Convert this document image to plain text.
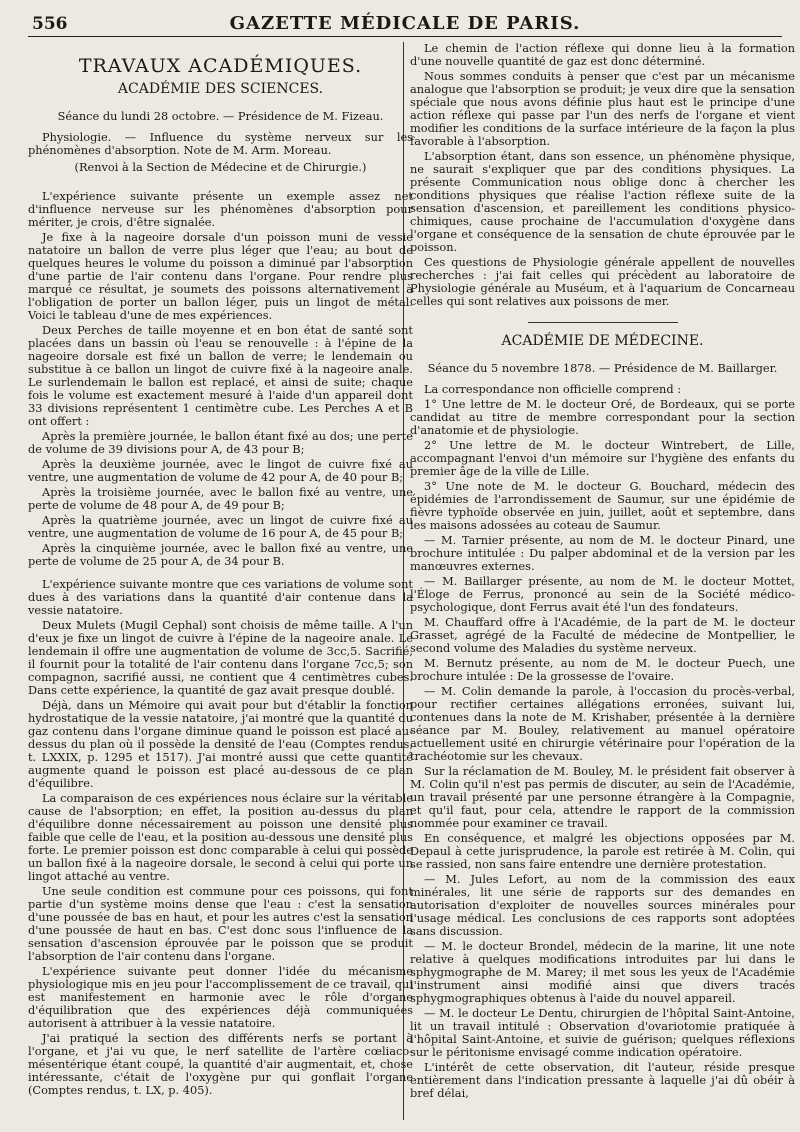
556	GAZETTE MÉDICALE DE PARIS.

TRAVAUX ACADÉMIQUES.

ACADÉMIE DES SCIENCES.

Séance du lundi 28 octobre. — Présidence de M. Fizeau.

Physiologie. — Influence du système nerveux sur les phénomènes d'absorption. Note de M. Arm. Moreau.

(Renvoi à la Section de Médecine et de Chirurgie.)

L'expérience suivante présente un exemple assez net d'influence nerveuse sur les phénomènes d'absorption pour mériter, je crois, d'être signalée.

Je fixe à la nageoire dorsale d'un poisson muni de vessie natatoire un ballon de verre plus léger que l'eau; au bout de quelques heures le volume du poisson a diminué par l'absorption d'une partie de l'air contenu dans l'organe. Pour rendre plus marqué ce résultat, je soumets des poissons alternativement à l'obligation de porter un ballon léger, puis un lingot de métal. Voici le tableau d'une de mes expériences.

Deux Perches de taille moyenne et en bon état de santé sont placées dans un bassin où l'eau se renouvelle : à l'épine de la nageoire dorsale est fixé un ballon de verre; le lendemain ou substitue à ce ballon un lingot de cuivre fixé à la nageoire anale. Le surlendemain le ballon est replacé, et ainsi de suite; chaque fois le volume est exactement mesuré à l'aide d'un appareil dont 33 divisions représentent 1 centimètre cube. Les Perches A et B ont offert :

Après la première journée, le ballon étant fixé au dos; une perte de volume de 39 divisions pour A, de 43 pour B;

Après la deuxième journée, avec le lingot de cuivre fixé au ventre, une augmentation de volume de 42 pour A, de 40 pour B;

Après la troisième journée, avec le ballon fixé au ventre, une perte de volume de 48 pour A, de 49 pour B;

Après la quatrième journée, avec un lingot de cuivre fixé au ventre, une augmentation de volume de 16 pour A, de 45 pour B;

Après la cinquième journée, avec le ballon fixé au ventre, une perte de volume de 25 pour A, de 34 pour B.

L'expérience suivante montre que ces variations de volume sont dues à des variations dans la quantité d'air contenue dans la vessie natatoire.

Deux Mulets (Mugil Cephal) sont choisis de même taille. A l'un d'eux je fixe un lingot de cuivre à l'épine de la nageoire anale. Le lendemain il offre une augmentation de volume de 3cc,5. Sacrifié, il fournit pour la totalité de l'air contenu dans l'organe 7cc,5; son compagnon, sacrifié aussi, ne contient que 4 centimètres cubes. Dans cette expérience, la quantité de gaz avait presque doublé.

Déjà, dans un Mémoire qui avait pour but d'établir la fonction hydrostatique de la vessie natatoire, j'ai montré que la quantité du gaz contenu dans l'organe diminue quand le poisson est placé au-dessus du plan où il possède la densité de l'eau (Comptes rendus, t. LXXIX, p. 1295 et 1517). J'ai montré aussi que cette quantité augmente quand le poisson est placé au-dessous de ce plan d'équilibre.

La comparaison de ces expériences nous éclaire sur la véritable cause de l'absorption; en effet, la position au-dessus du plan d'équilibre donne nécessairement au poisson une densité plus faible que celle de l'eau, et la position au-dessous une densité plus forte. Le premier poisson est donc comparable à celui qui possède un ballon fixé à la nageoire dorsale, le second à celui qui porte un lingot attaché au ventre.

Une seule condition est commune pour ces poissons, qui font partie d'un système moins dense que l'eau : c'est la sensation d'une poussée de bas en haut, et pour les autres c'est la sensation d'une poussée de haut en bas. C'est donc sous l'influence de la sensation d'ascension éprouvée par le poisson que se produit l'absorption de l'air contenu dans l'organe.

L'expérience suivante peut donner l'idée du mécanisme physiologique mis en jeu pour l'accomplissement de ce travail, qui est manifestement en harmonie avec le rôle d'organe d'équilibration que des expériences déjà communiquées autorisent à attribuer à la vessie natatoire.

J'ai pratiqué la section des différents nerfs se portant à l'organe, et j'ai vu que, le nerf satellite de l'artère cœliaco-mésentérique étant coupé, la quantité d'air augmentait, et, chose intéressante, c'était de l'oxygène pur qui gonflait l'organe (Comptes rendus, t. LX, p. 405).

Le chemin de l'action réflexe qui donne lieu à la formation d'une nouvelle quantité de gaz est donc déterminé.

Nous sommes conduits à penser que c'est par un mécanisme analogue que l'absorption se produit; je veux dire que la sensation spéciale que nous avons définie plus haut est le principe d'une action réflexe qui passe par l'un des nerfs de l'organe et vient modifier les conditions de la surface intérieure de la façon la plus favorable à l'absorption.

L'absorption étant, dans son essence, un phénomène physique, ne saurait s'expliquer que par des conditions physiques. La présente Communication nous oblige donc à chercher les conditions physiques que réalise l'action réflexe suite de la sensation d'ascension, et pareillement les conditions physico-chimiques, cause prochaine de l'accumulation d'oxygène dans l'organe et conséquence de la sensation de chute éprouvée par le poisson.

Ces questions de Physiologie générale appellent de nouvelles recherches : j'ai fait celles qui précèdent au laboratoire de Physiologie générale au Muséum, et à l'aquarium de Concarneau celles qui sont relatives aux poissons de mer.

ACADÉMIE DE MÉDECINE.

Séance du 5 novembre 1878. — Présidence de M. Baillarger.

La correspondance non officielle comprend :

1° Une lettre de M. le docteur Oré, de Bordeaux, qui se porte candidat au titre de membre correspondant pour la section d'anatomie et de physiologie.

2° Une lettre de M. le docteur Wintrebert, de Lille, accompagnant l'envoi d'un mémoire sur l'hygiène des enfants du premier âge de la ville de Lille.

3° Une note de M. le docteur G. Bouchard, médecin des épidémies de l'arrondissement de Saumur, sur une épidémie de fièvre typhoïde observée en juin, juillet, août et septembre, dans les maisons adossées au coteau de Saumur.

— M. Tarnier présente, au nom de M. le docteur Pinard, une brochure intitulée : Du palper abdominal et de la version par les manœuvres externes.

— M. Baillarger présente, au nom de M. le docteur Mottet, l'Éloge de Ferrus, prononcé au sein de la Société médico-psychologique, dont Ferrus avait été l'un des fondateurs.

M. Chauffard offre à l'Académie, de la part de M. le docteur Grasset, agrégé de la Faculté de médecine de Montpellier, le second volume des Maladies du système nerveux.

M. Bernutz présente, au nom de M. le docteur Puech, une brochure intulée : De la grossesse de l'ovaire.

— M. Colin demande la parole, à l'occasion du procès-verbal, pour rectifier certaines allégations erronées, suivant lui, contenues dans la note de M. Krishaber, présentée à la dernière séance par M. Bouley, relativement au manuel opératoire actuellement usité en chirurgie vétérinaire pour l'opération de la trachéotomie sur les chevaux.

Sur la réclamation de M. Bouley, M. le président fait observer à M. Colin qu'il n'est pas permis de discuter, au sein de l'Académie, un travail présenté par une personne étrangère à la Compagnie, et qu'il faut, pour cela, attendre le rapport de la commission nommée pour examiner ce travail.

En conséquence, et malgré les objections opposées par M. Depaul à cette jurisprudence, la parole est retirée à M. Colin, qui se rassied, non sans faire entendre une dernière protestation.

— M. Jules Lefort, au nom de la commission des eaux minérales, lit une série de rapports sur des demandes en autorisation d'exploiter de nouvelles sources minérales pour l'usage médical. Les conclusions de ces rapports sont adoptées sans discussion.

— M. le docteur Brondel, médecin de la marine, lit une note relative à quelques modifications introduites par lui dans le sphygmographe de M. Marey; il met sous les yeux de l'Académie l'instrument ainsi modifié ainsi que divers tracés sphygmographiques obtenus à l'aide du nouvel appareil.

— M. le docteur Le Dentu, chirurgien de l'hôpital Saint-Antoine, lit un travail intitulé : Observation d'ovariotomie pratiquée à l'hôpital Saint-Antoine, et suivie de guérison; quelques réflexions sur le péritonisme envisagé comme indication opératoire.

L'intérêt de cette observation, dit l'auteur, réside presque entièrement dans l'indication pressante à laquelle j'ai dû obéir à bref délai,
